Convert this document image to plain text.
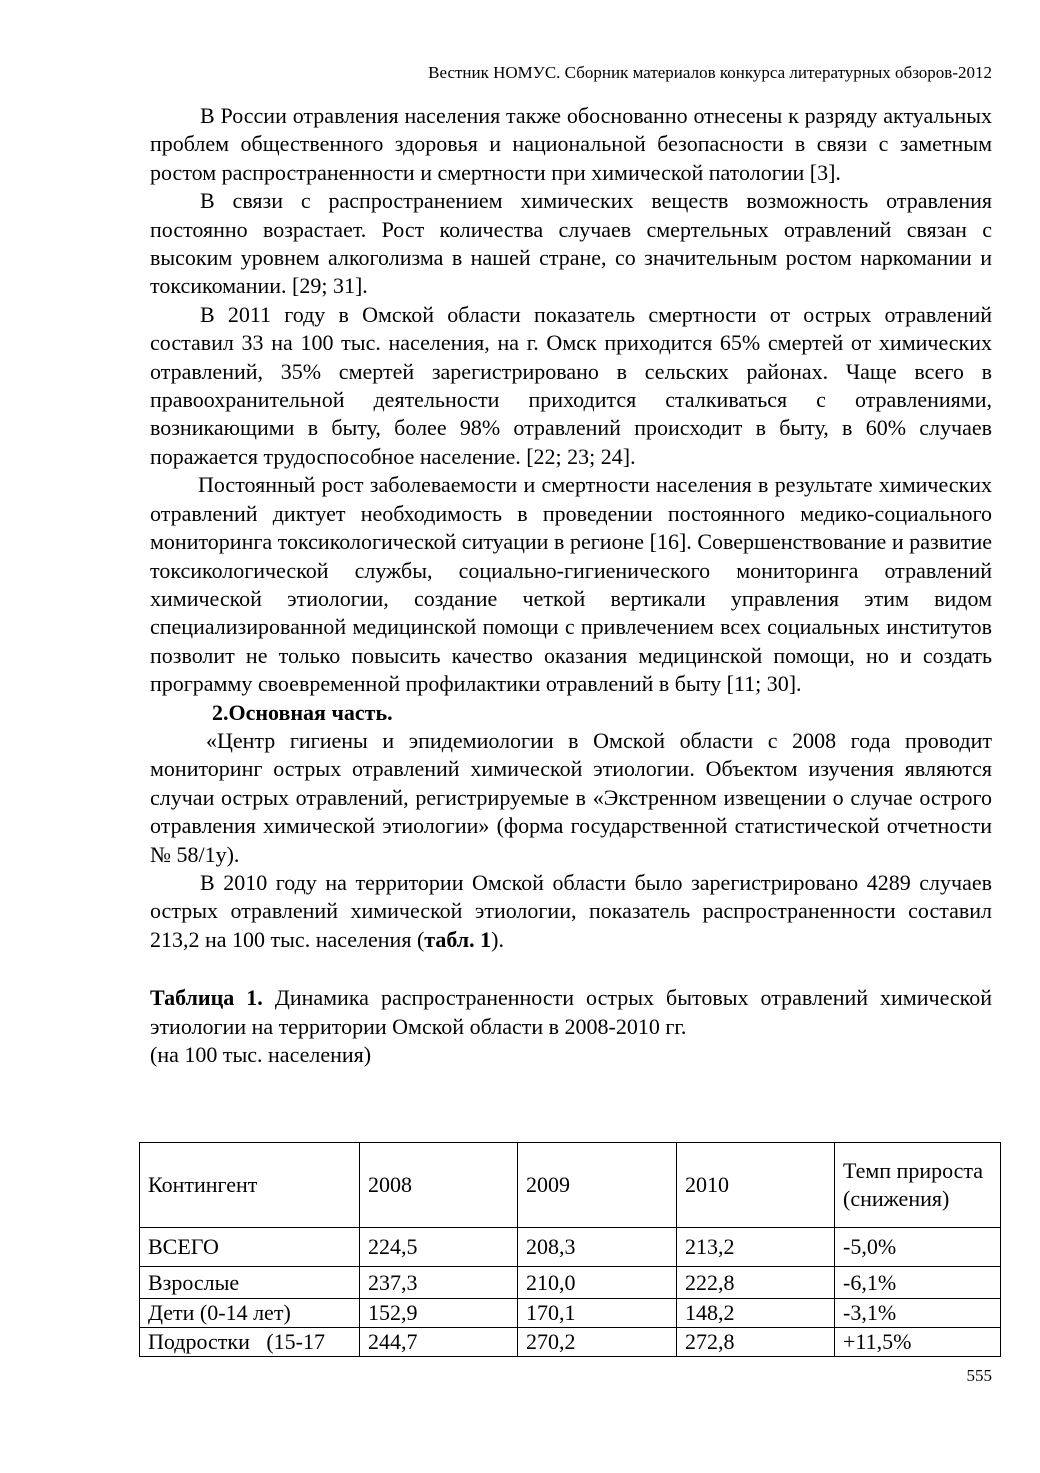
Вестник НОМУС. Сборник материалов конкурса литературных обзоров-2012

В России отравления населения также обоснованно отнесены к разряду актуальных проблем общественного здоровья и национальной безопасности в связи с заметным ростом распространенности и смертности при химической патологии [3].

В связи с распространением химических веществ возможность отравления постоянно возрастает. Рост количества случаев смертельных отравлений связан с высоким уровнем алкоголизма в нашей стране, со значительным ростом наркомании и токсикомании. [29; 31].

В 2011 году в Омской области показатель смертности от острых отравлений составил 33 на 100 тыс. населения, на г. Омск приходится 65% смертей от химических отравлений, 35% смертей зарегистрировано в сельских районах. Чаще всего в правоохранительной деятельности приходится сталкиваться с отравлениями, возникающими в быту, более 98% отравлений происходит в быту, в 60% случаев поражается трудоспособное население. [22; 23; 24].

Постоянный рост заболеваемости и смертности населения в результате химических отравлений диктует необходимость в проведении постоянного медико-социального мониторинга токсикологической ситуации в регионе [16]. Совершенствование и развитие токсикологической службы, социально-гигиенического мониторинга отравлений химической этиологии, создание четкой вертикали управления этим видом специализированной медицинской помощи с привлечением всех социальных институтов позволит не только повысить качество оказания медицинской помощи, но и создать программу своевременной профилактики отравлений в быту [11; 30].

2.Основная часть.

«Центр гигиены и эпидемиологии в Омской области с 2008 года проводит мониторинг острых отравлений химической этиологии. Объектом изучения являются случаи острых отравлений, регистрируемые в «Экстренном извещении о случае острого отравления химической этиологии» (форма государственной статистической отчетности № 58/1у).

В 2010 году на территории Омской области было зарегистрировано 4289 случаев острых отравлений химической этиологии, показатель распространенности составил 213,2 на 100 тыс. населения (табл. 1).

Таблица 1. Динамика распространенности острых бытовых отравлений химической этиологии на территории Омской области в 2008-2010 гг.

(на 100 тыс. населения)

Контингент	2008	2009	2010	Темп прироста (снижения)
ВСЕГО	224,5	208,3	213,2	-5,0%
Взрослые	237,3	210,0	222,8	-6,1%
Дети (0-14 лет)	152,9	170,1	148,2	-3,1%
Подростки   (15-17	244,7	270,2	272,8	+11,5%
555
